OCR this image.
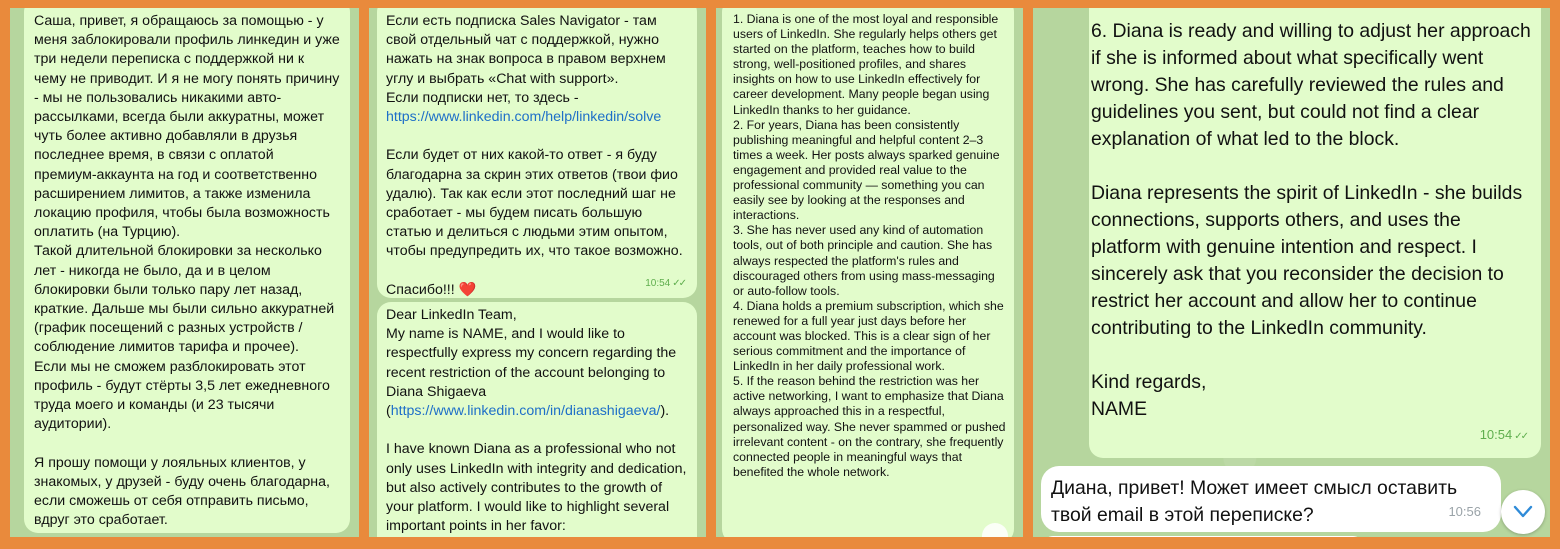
Саша, привет, я обращаюсь за помощью - у меня заблокировали профиль линкедин и уже три недели переписка с поддержкой ни к чему не приводит. И я не могу понять причину - мы не пользовались никакими авто-рассылками, всегда были аккуратны, может чуть более активно добавляли в друзья последнее время, в связи с оплатой премиум-аккаунта на год и соответственно расширением лимитов, а также изменила локацию профиля, чтобы была возможность оплатить (на Турцию).
Такой длительной блокировки за несколько лет - никогда не было, да и в целом блокировки были только пару лет назад, краткие. Дальше мы были сильно аккуратней (график посещений с разных устройств / соблюдение лимитов тарифа и прочее).
Если мы не сможем разблокировать этот профиль - будут стёрты 3,5 лет ежедневного труда моего и команды (и 23 тысячи аудитории).

Я прошу помощи у лояльных клиентов, у знакомых, у друзей - буду очень благодарна, если сможешь от себя отправить письмо, вдруг это сработает.
Если есть подписка Sales Navigator - там свой отдельный чат с поддержкой, нужно нажать на знак вопроса в правом верхнем углу и выбрать «Chat with support».
Если подписки нет, то здесь - https://www.linkedin.com/help/linkedin/solve

Если будет от них какой-то ответ - я буду благодарна за скрин этих ответов (твои фио удалю). Так как если этот последний шаг не сработает - мы будем писать большую статью и делиться с людьми этим опытом, чтобы предупредить их, что такое возможно.

Спасибо!!! ❤️	10:54 ✓✓
Dear LinkedIn Team,
My name is NAME, and I would like to respectfully express my concern regarding the recent restriction of the account belonging to Diana Shigaeva (https://www.linkedin.com/in/dianashigaeva/).

I have known Diana as a professional who not only uses LinkedIn with integrity and dedication, but also actively contributes to the growth of your platform. I would like to highlight several important points in her favor:
1. Diana is one of the most loyal and responsible users of LinkedIn. She regularly helps others get started on the platform, teaches how to build strong, well-positioned profiles, and shares insights on how to use LinkedIn effectively for career development. Many people began using LinkedIn thanks to her guidance.
2. For years, Diana has been consistently publishing meaningful and helpful content 2–3 times a week. Her posts always sparked genuine engagement and provided real value to the professional community — something you can easily see by looking at the responses and interactions.
3. She has never used any kind of automation tools, out of both principle and caution. She has always respected the platform's rules and discouraged others from using mass-messaging or auto-follow tools.
4. Diana holds a premium subscription, which she renewed for a full year just days before her account was blocked. This is a clear sign of her serious commitment and the importance of LinkedIn in her daily professional work.
5. If the reason behind the restriction was her active networking, I want to emphasize that Diana always approached this in a respectful, personalized way. She never spammed or pushed irrelevant content - on the contrary, she frequently connected people in meaningful ways that benefited the whole network.
6. Diana is ready and willing to adjust her approach if she is informed about what specifically went wrong. She has carefully reviewed the rules and guidelines you sent, but could not find a clear explanation of what led to the block.

Diana represents the spirit of LinkedIn - she builds connections, supports others, and uses the platform with genuine intention and respect. I sincerely ask that you reconsider the decision to restrict her account and allow her to continue contributing to the LinkedIn community.

Kind regards,
NAME
10:54 ✓✓
Диана, привет! Может имеет смысл оставить твой email в этой переписке?	10:56
